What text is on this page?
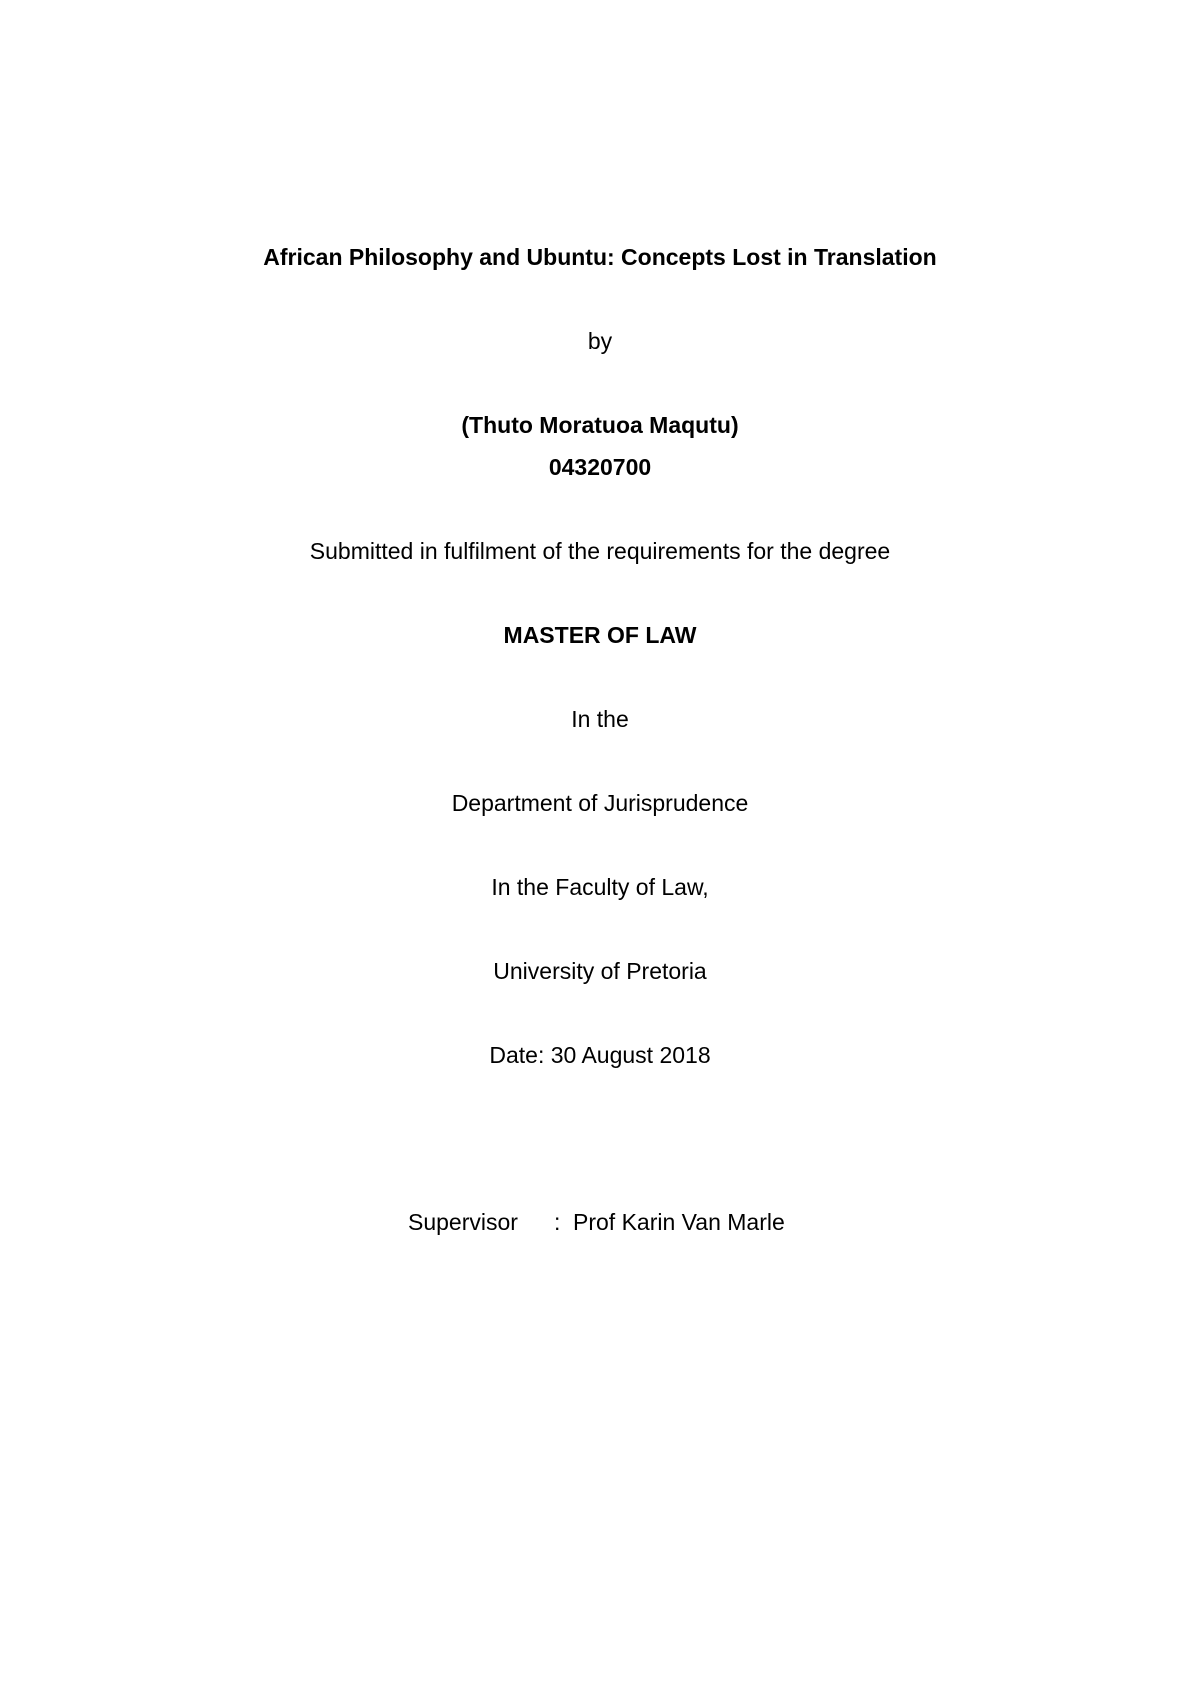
African Philosophy and Ubuntu: Concepts Lost in Translation
by
(Thuto Moratuoa Maqutu)
04320700
Submitted in fulfilment of the requirements for the degree
MASTER OF LAW
In the
Department of Jurisprudence
In the Faculty of Law,
University of Pretoria
Date: 30 August 2018
Supervisor : Prof Karin Van Marle
